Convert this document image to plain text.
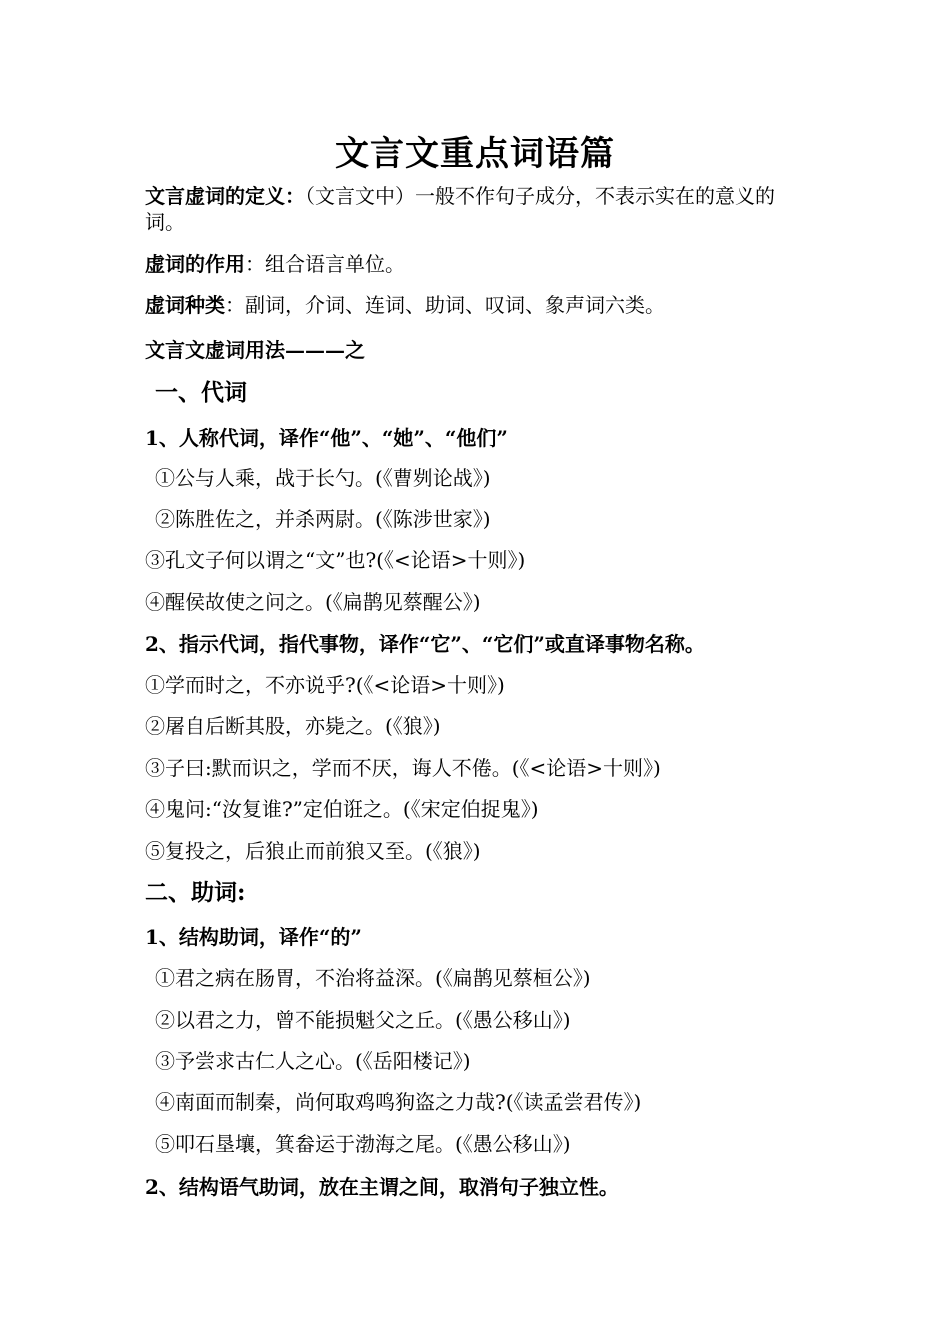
文言文重点词语篇
文言虚词的定义：（文言文中）一般不作句子成分，不表示实在的意义的词。
虚词的作用：组合语言单位。
虚词种类：副词，介词、连词、助词、叹词、象声词六类。
文言文虚词用法———之
一、代词
1、人称代词，译作“他”、“她”、“他们”
①公与人乘，战于长勺。(《曹刿论战》)
②陈胜佐之，并杀两尉。(《陈涉世家》)
③孔文子何以谓之“文”也?(《<论语>十则》)
④醒侯故使之问之。(《扁鹊见蔡醒公》)
2、指示代词，指代事物，译作“它”、“它们”或直译事物名称。
①学而时之，不亦说乎?(《<论语>十则》)
②屠自后断其股，亦毙之。(《狼》)
③子曰:默而识之，学而不厌，诲人不倦。(《<论语>十则》)
④鬼问:“汝复谁?”定伯诳之。(《宋定伯捉鬼》)
⑤复投之，后狼止而前狼又至。(《狼》)
二、助词:
1、结构助词，译作“的”
①君之病在肠胃，不治将益深。(《扁鹊见蔡桓公》)
②以君之力，曾不能损魁父之丘。(《愚公移山》)
③予尝求古仁人之心。(《岳阳楼记》)
④南面而制秦，尚何取鸡鸣狗盗之力哉?(《读孟尝君传》)
⑤叩石垦壤，箕畚运于渤海之尾。(《愚公移山》)
2、结构语气助词，放在主谓之间，取消句子独立性。
